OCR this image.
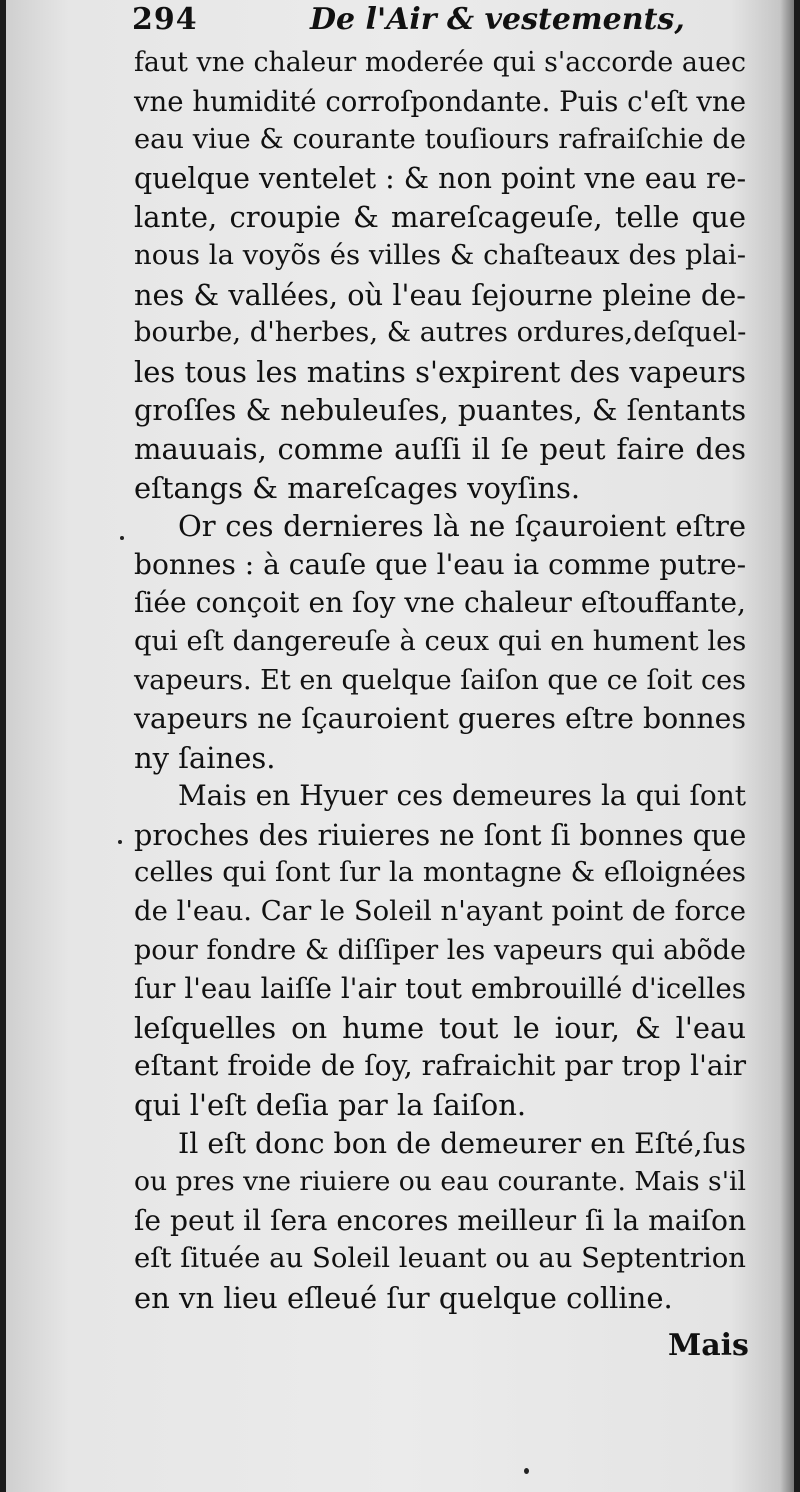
294	De l'Air & vestements,
faut vne chaleur moderée qui s'accorde auec
vne humidité corroſpondante. Puis c'eſt vne
eau viue & courante touſiours rafraiſchie de
quelque ventelet : & non point vne eau re-
lante, croupie & mareſcageuſe, telle que
nous la voyõs és villes & chaſteaux des plai-
nes & vallées, où l'eau ſejourne pleine de-
bourbe, d'herbes, & autres ordures,deſquel-
les tous les matins s'expirent des vapeurs
groſſes & nebuleuſes, puantes, & ſentants
mauuais, comme auſſi il ſe peut faire des
eſtangs & mareſcages voyſins.
Or ces dernieres là ne ſçauroient eſtre
bonnes : à cauſe que l'eau ia comme putre-
ſiée conçoit en ſoy vne chaleur eſtouffante,
qui eſt dangereuſe à ceux qui en hument les
vapeurs. Et en quelque ſaiſon que ce ſoit ces
vapeurs ne ſçauroient gueres eſtre bonnes
ny ſaines.
Mais en Hyuer ces demeures la qui ſont
proches des riuieres ne ſont ſi bonnes que
celles qui ſont ſur la montagne & eſloignées
de l'eau. Car le Soleil n'ayant point de force
pour fondre & diſſiper les vapeurs qui abõde
ſur l'eau laiſſe l'air tout embrouillé d'icelles
leſquelles on hume tout le iour, & l'eau
eſtant froide de ſoy, rafraichit par trop l'air
qui l'eſt deſia par la ſaiſon.
Il eſt donc bon de demeurer en Eſté,ſus
ou pres vne riuiere ou eau courante. Mais s'il
ſe peut il ſera encores meilleur ſi la maiſon
eſt ſituée au Soleil leuant ou au Septentrion
en vn lieu eſleué ſur quelque colline.
Mais
